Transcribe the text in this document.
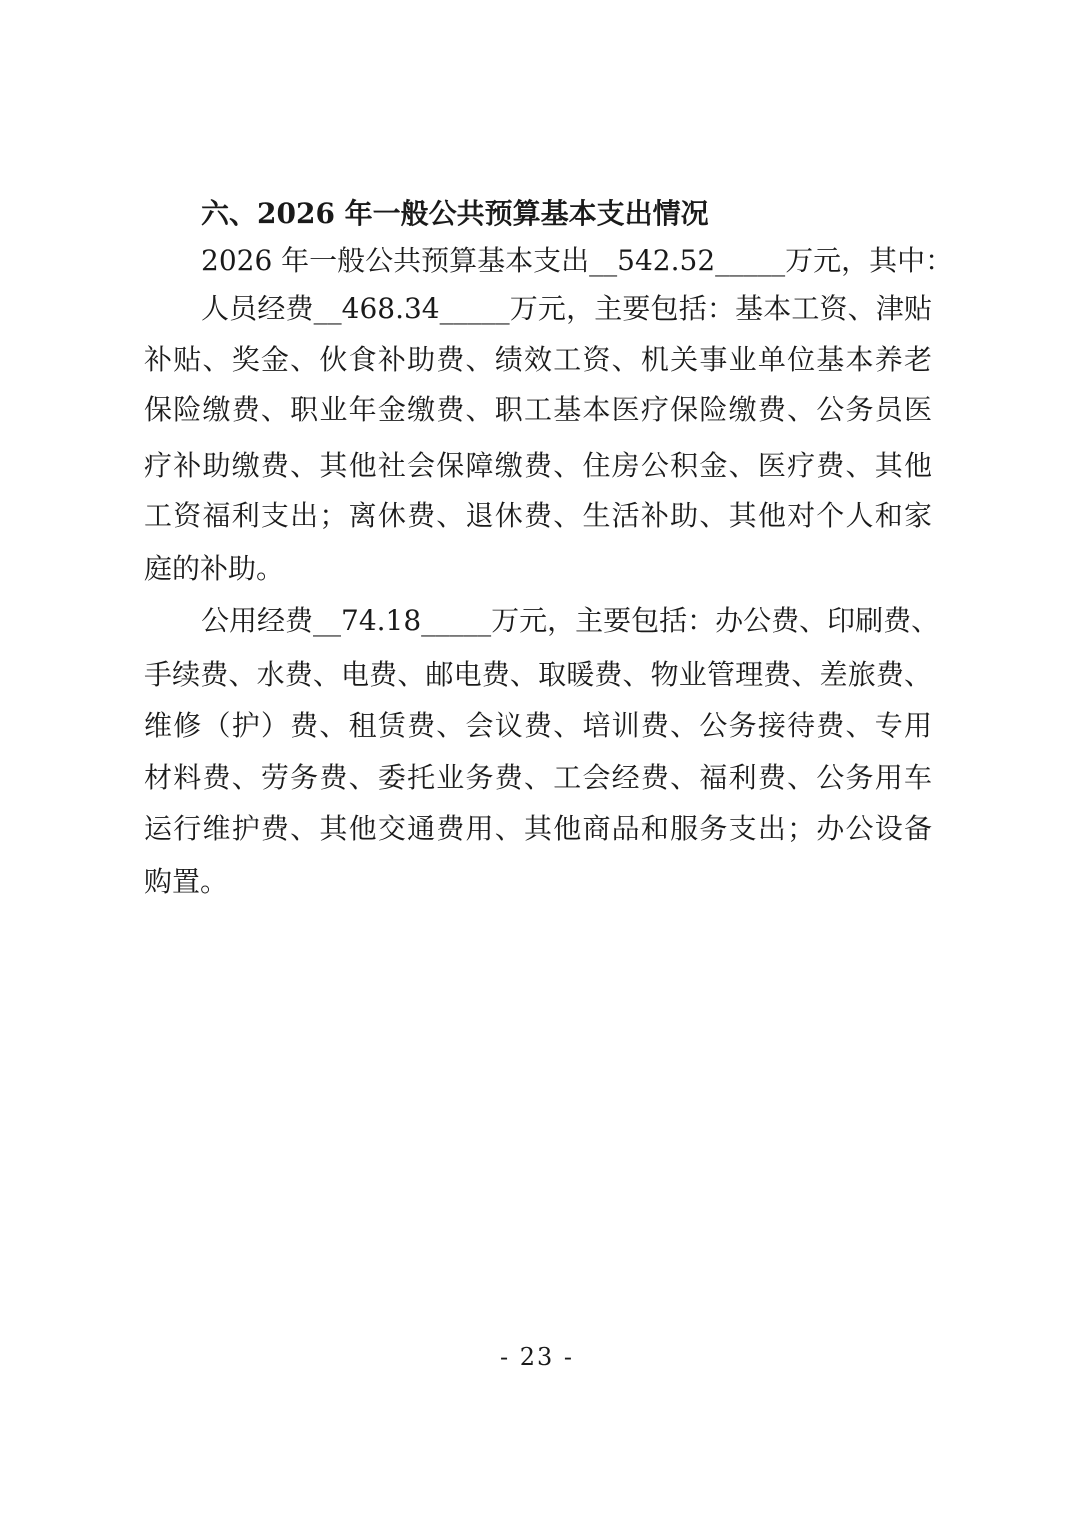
六、2026 年一般公共预算基本支出情况
2026 年一般公共预算基本支出__542.52_____万元，其中：
人员经费__468.34_____万元，主要包括：基本工资、津贴
补贴、奖金、伙食补助费、绩效工资、机关事业单位基本养老
保险缴费、职业年金缴费、职工基本医疗保险缴费、公务员医
疗补助缴费、其他社会保障缴费、住房公积金、医疗费、其他
工资福利支出；离休费、退休费、生活补助、其他对个人和家
庭的补助。
公用经费__74.18_____万元，主要包括：办公费、印刷费、
手续费、水费、电费、邮电费、取暖费、物业管理费、差旅费、
维修（护）费、租赁费、会议费、培训费、公务接待费、专用
材料费、劳务费、委托业务费、工会经费、福利费、公务用车
运行维护费、其他交通费用、其他商品和服务支出；办公设备
购置。
- 23 -
